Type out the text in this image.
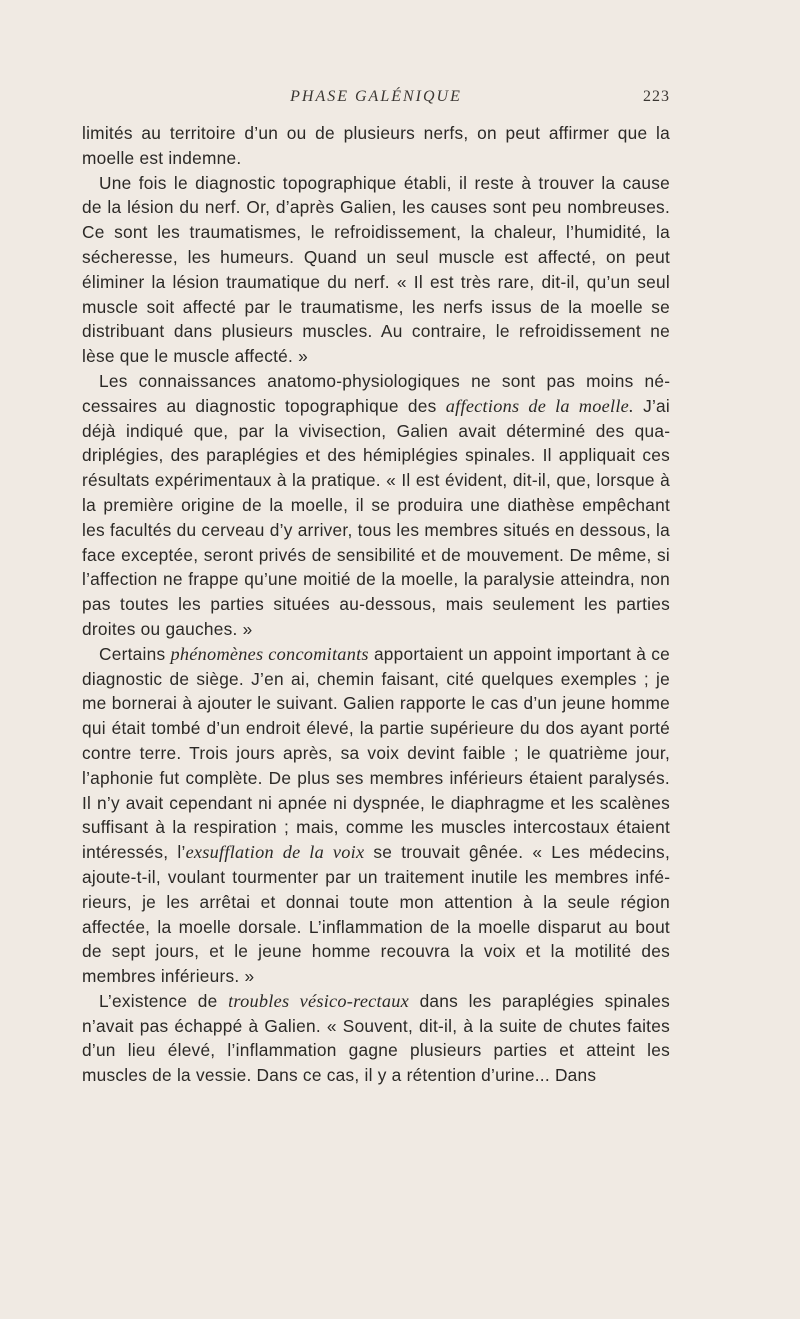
PHASE GALÉNIQUE	223

limités au territoire d’un ou de plusieurs nerfs, on peut affirmer que la moelle est indemne.

Une fois le diagnostic topographique établi, il reste à trouver la cause de la lésion du nerf. Or, d’après Galien, les causes sont peu nombreuses. Ce sont les traumatismes, le refroidissement, la chaleur, l’humidité, la sécheresse, les humeurs. Quand un seul muscle est affecté, on peut éliminer la lésion traumatique du nerf. « Il est très rare, dit-il, qu’un seul muscle soit affecté par le traumatisme, les nerfs issus de la moelle se distribuant dans plusieurs muscles. Au contraire, le refroidissement ne lèse que le muscle affecté. »

Les connaissances anatomo-physiologiques ne sont pas moins nécessaires au diagnostic topographique des affections de la moelle. J’ai déjà indiqué que, par la vivisection, Galien avait déterminé des quadriplégies, des paraplégies et des hémiplégies spinales. Il appliquait ces résultats expérimentaux à la pratique. « Il est évident, dit-il, que, lorsque à la première origine de la moelle, il se produira une diathèse empêchant les facultés du cerveau d’y arriver, tous les membres situés en dessous, la face exceptée, seront privés de sensibilité et de mouvement. De même, si l’affection ne frappe qu’une moitié de la moelle, la paralysie atteindra, non pas toutes les parties situées au-dessous, mais seulement les parties droites ou gauches. »

Certains phénomènes concomitants apportaient un appoint important à ce diagnostic de siège. J’en ai, chemin faisant, cité quelques exemples ; je me bornerai à ajouter le suivant. Galien rapporte le cas d’un jeune homme qui était tombé d’un endroit élevé, la partie supérieure du dos ayant porté contre terre. Trois jours après, sa voix devint faible ; le quatrième jour, l’aphonie fut complète. De plus ses membres inférieurs étaient paralysés. Il n’y avait cependant ni apnée ni dyspnée, le diaphragme et les scalènes suffisant à la respiration ; mais, comme les muscles intercostaux étaient intéressés, l’exsufflation de la voix se trouvait gênée. « Les médecins, ajoute-t-il, voulant tourmenter par un traitement inutile les membres inférieurs, je les arrêtai et donnai toute mon attention à la seule région affectée, la moelle dorsale. L’inflammation de la moelle disparut au bout de sept jours, et le jeune homme recouvra la voix et la motilité des membres inférieurs. »

L’existence de troubles vésico-rectaux dans les paraplégies spinales n’avait pas échappé à Galien. « Souvent, dit-il, à la suite de chutes faites d’un lieu élevé, l’inflammation gagne plusieurs parties et atteint les muscles de la vessie. Dans ce cas, il y a rétention d’urine... Dans
